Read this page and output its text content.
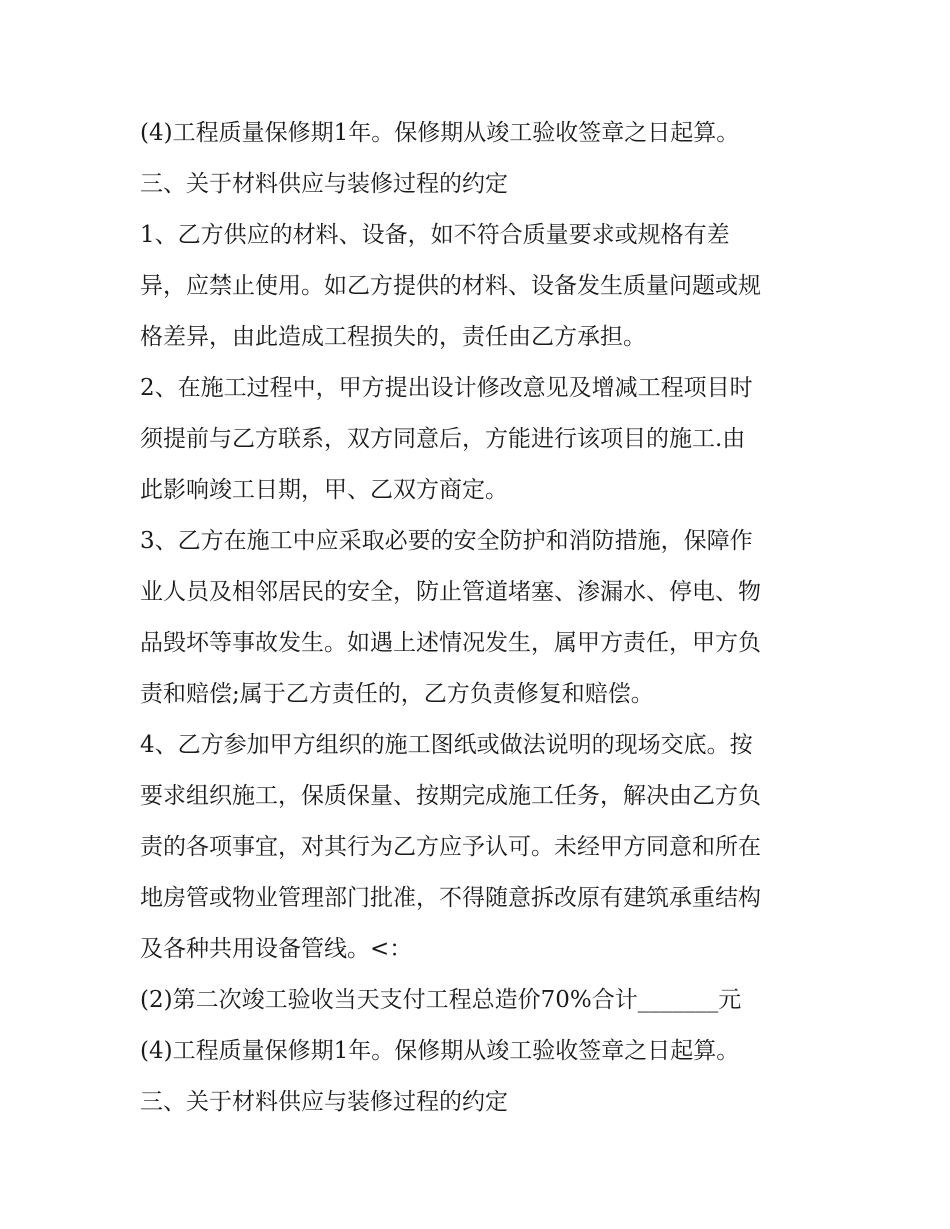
(4)工程质量保修期1年。保修期从竣工验收签章之日起算。
三、关于材料供应与装修过程的约定
1、乙方供应的材料、设备，如不符合质量要求或规格有差
异，应禁止使用。如乙方提供的材料、设备发生质量问题或规
格差异，由此造成工程损失的，责任由乙方承担。
2、在施工过程中，甲方提出设计修改意见及增减工程项目时
须提前与乙方联系，双方同意后，方能进行该项目的施工.由
此影响竣工日期，甲、乙双方商定。
3、乙方在施工中应采取必要的安全防护和消防措施，保障作
业人员及相邻居民的安全，防止管道堵塞、渗漏水、停电、物
品毁坏等事故发生。如遇上述情况发生，属甲方责任，甲方负
责和赔偿;属于乙方责任的，乙方负责修复和赔偿。
4、乙方参加甲方组织的施工图纸或做法说明的现场交底。按
要求组织施工，保质保量、按期完成施工任务，解决由乙方负
责的各项事宜，对其行为乙方应予认可。未经甲方同意和所在
地房管或物业管理部门批准，不得随意拆改原有建筑承重结构
及各种共用设备管线。<：
(2)第二次竣工验收当天支付工程总造价70%合计_______元
(4)工程质量保修期1年。保修期从竣工验收签章之日起算。
三、关于材料供应与装修过程的约定
